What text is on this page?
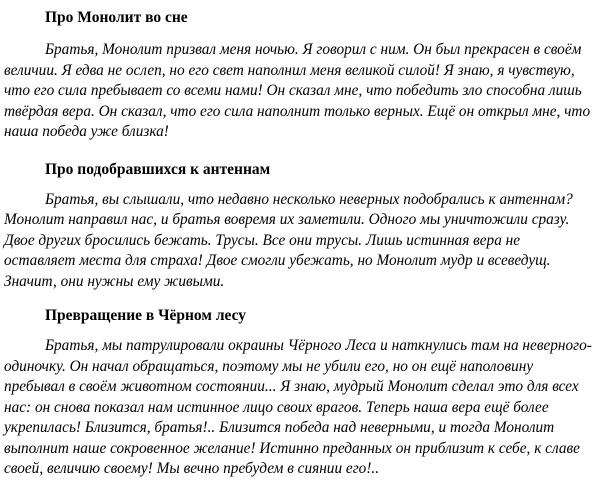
Про Монолит во сне

Братья, Монолит призвал меня ночью. Я говорил с ним. Он был прекрасен в своём величии. Я едва не ослеп, но его свет наполнил меня великой силой! Я знаю, я чувствую, что его сила пребывает со всеми нами! Он сказал мне, что победить зло способна лишь твёрдая вера. Он сказал, что его сила наполнит только верных. Ещё он открыл мне, что наша победа уже близка!

Про подобравшихся к антеннам

Братья, вы слышали, что недавно несколько неверных подобрались к антеннам? Монолит направил нас, и братья вовремя их заметили. Одного мы уничтожили сразу. Двое других бросились бежать. Трусы. Все они трусы. Лишь истинная вера не оставляет места для страха! Двое смогли убежать, но Монолит мудр и всеведущ. Значит, они нужны ему живыми.

Превращение в Чёрном лесу

Братья, мы патрулировали окраины Чёрного Леса и наткнулись там на неверного-одиночку. Он начал обращаться, поэтому мы не убили его, но он ещё наполовину пребывал в своём животном состоянии... Я знаю, мудрый Монолит сделал это для всех нас: он снова показал нам истинное лицо своих врагов. Теперь наша вера ещё более укрепилась! Близится, братья!.. Близится победа над неверными, и тогда Монолит выполнит наше сокровенное желание! Истинно преданных он приблизит к себе, к славе своей, величию своему! Мы вечно пребудем в сиянии его!..
